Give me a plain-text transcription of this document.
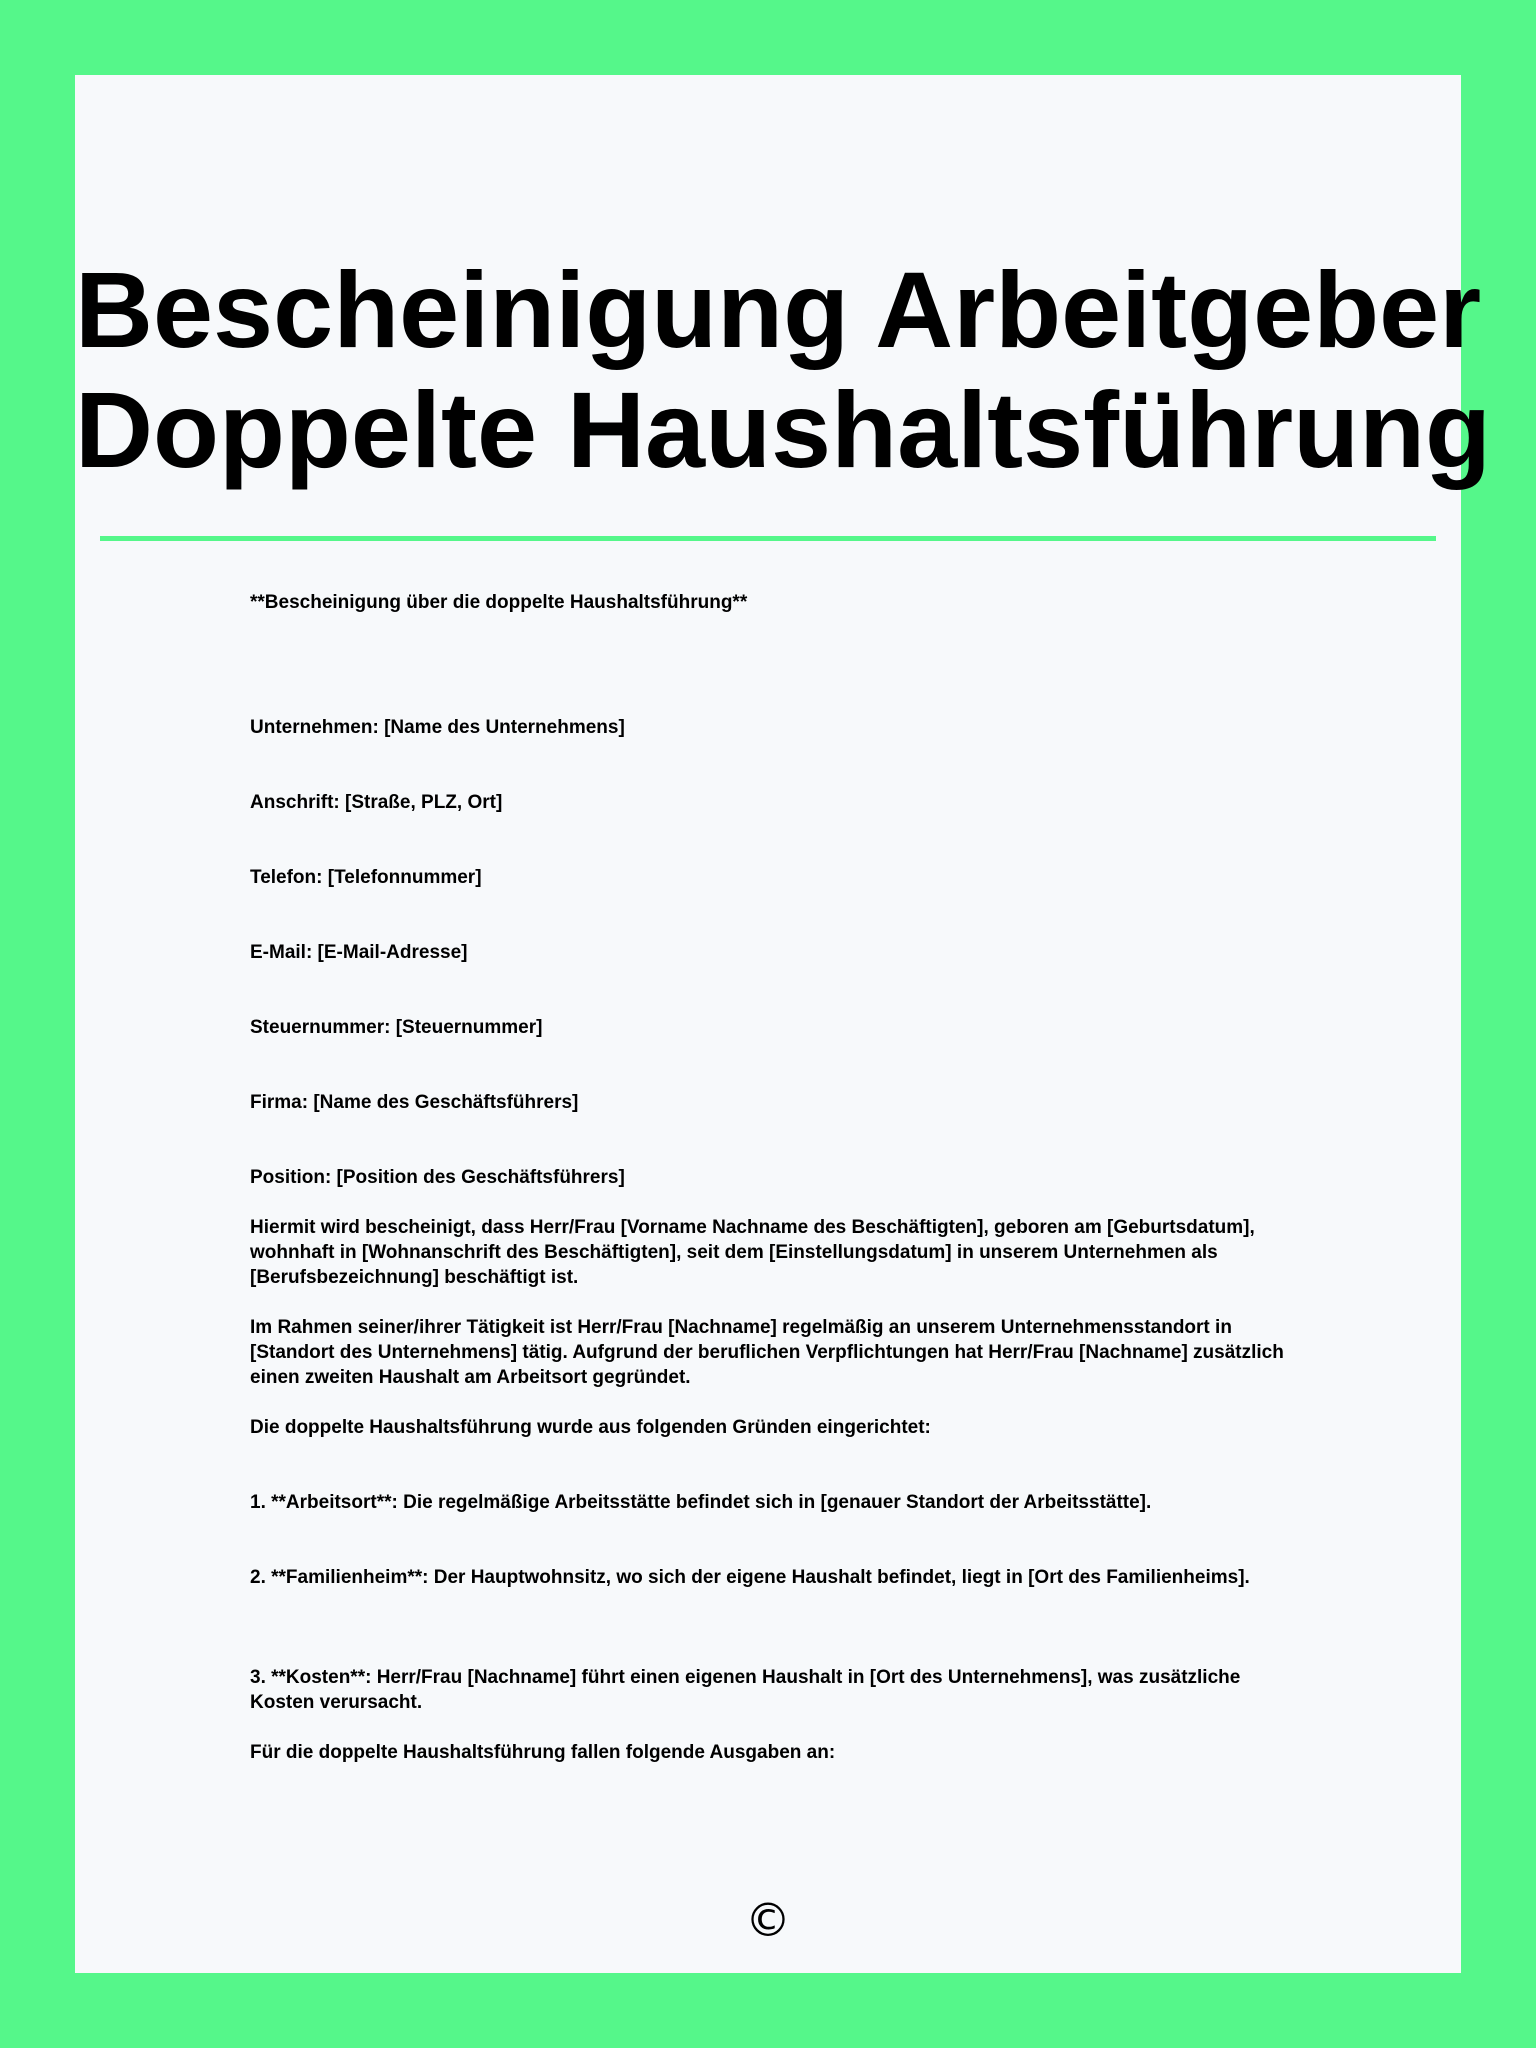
Bescheinigung Arbeitgeber
Doppelte Haushaltsführung

**Bescheinigung über die doppelte Haushaltsführung**

Unternehmen: [Name des Unternehmens]

Anschrift: [Straße, PLZ, Ort]

Telefon: [Telefonnummer]

E-Mail: [E-Mail-Adresse]

Steuernummer: [Steuernummer]

Firma: [Name des Geschäftsführers]

Position: [Position des Geschäftsführers]

Hiermit wird bescheinigt, dass Herr/Frau [Vorname Nachname des Beschäftigten], geboren am [Geburtsdatum], wohnhaft in [Wohnanschrift des Beschäftigten], seit dem [Einstellungsdatum] in unserem Unternehmen als [Berufsbezeichnung] beschäftigt ist.

Im Rahmen seiner/ihrer Tätigkeit ist Herr/Frau [Nachname] regelmäßig an unserem Unternehmensstandort in [Standort des Unternehmens] tätig. Aufgrund der beruflichen Verpflichtungen hat Herr/Frau [Nachname] zusätzlich einen zweiten Haushalt am Arbeitsort gegründet.

Die doppelte Haushaltsführung wurde aus folgenden Gründen eingerichtet:

1. **Arbeitsort**: Die regelmäßige Arbeitsstätte befindet sich in [genauer Standort der Arbeitsstätte].

2. **Familienheim**: Der Hauptwohnsitz, wo sich der eigene Haushalt befindet, liegt in [Ort des Familienheims].

3. **Kosten**: Herr/Frau [Nachname] führt einen eigenen Haushalt in [Ort des Unternehmens], was zusätzliche Kosten verursacht.

Für die doppelte Haushaltsführung fallen folgende Ausgaben an:

©
